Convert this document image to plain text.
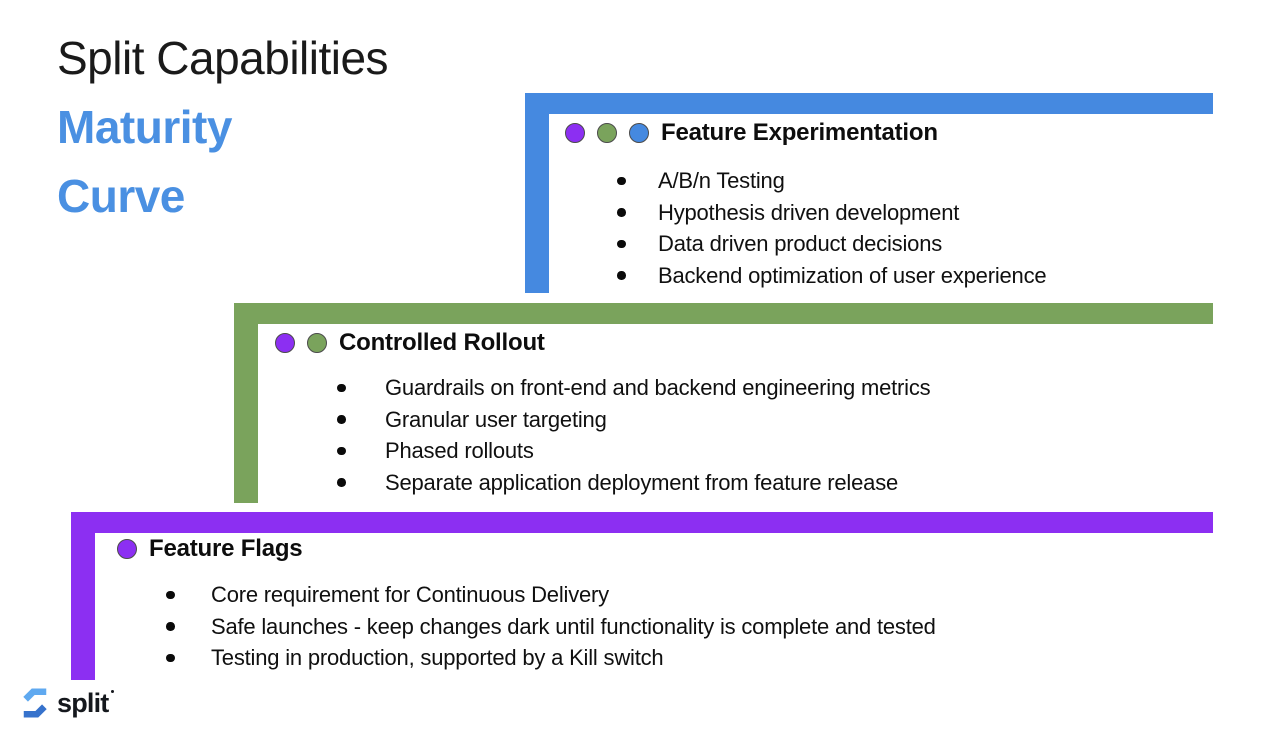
Split Capabilities
Maturity
Curve
Feature Experimentation
A/B/n Testing
Hypothesis driven development
Data driven product decisions
Backend optimization of user experience
Controlled Rollout
Guardrails on front-end and backend engineering metrics
Granular user targeting
Phased rollouts
Separate application deployment from feature release
Feature Flags
Core requirement for Continuous Delivery
Safe launches - keep changes dark until functionality is complete and tested
Testing in production, supported by a Kill switch
split
